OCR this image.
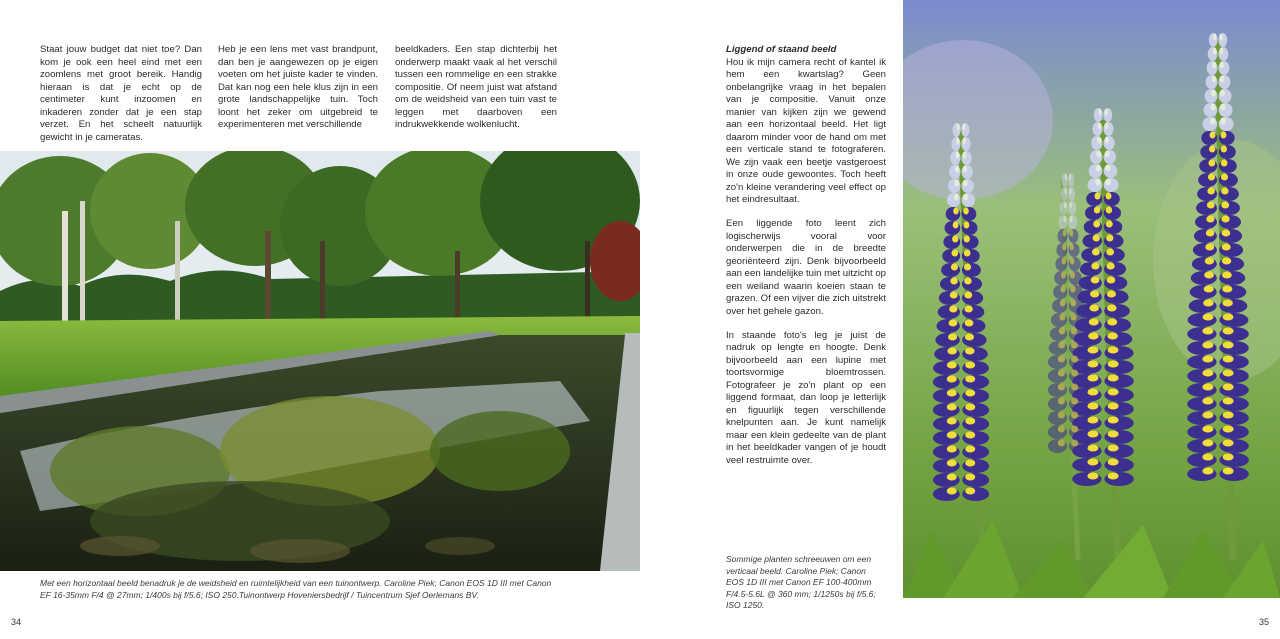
Staat jouw budget dat niet toe? Dan kom je ook een heel eind met een zoomlens met groot bereik. Handig hieraan is dat je echt op de centimeter kunt inzoomen en inkaderen zonder dat je een stap verzet. En het scheelt natuurlijk gewicht in je cameratas.
Heb je een lens met vast brandpunt, dan ben je aangewezen op je eigen voeten om het juiste kader te vinden. Dat kan nog een hele klus zijn in een grote landschappelijke tuin. Toch loont het zeker om uitgebreid te experimenteren met verschillende
beeldkaders. Een stap dichterbij het onderwerp maakt vaak al het verschil tussen een rommelige en een strakke compositie. Of neem juist wat afstand om de weidsheid van een tuin vast te leggen met daarboven een indrukwekkende wolkenlucht.
Met een horizontaal beeld benadruk je de weidsheid en ruimtelijkheid van een tuinontwerp. Caroline Piek; Canon EOS 1D III met Canon EF 16-35mm F/4 @ 27mm; 1/400s bij f/5.6; ISO 250.Tuinontwerp Hoveniersbedrijf / Tuincentrum Sjef Oerlemans BV.
34
Liggend of staand beeld

Hou ik mijn camera recht of kantel ik hem een kwartslag? Geen onbelangrijke vraag in het bepalen van je compositie. Vanuit onze manier van kijken zijn we gewend aan een horizontaal beeld. Het ligt daarom minder voor de hand om met een verticale stand te fotograferen. We zijn vaak een beetje vastgeroest in onze oude gewoontes. Toch heeft zo'n kleine verandering veel effect op het eindresultaat.

Een liggende foto leent zich logischerwijs vooral voor onderwerpen die in de breedte georiënteerd zijn. Denk bijvoorbeeld aan een landelijke tuin met uitzicht op een weiland waarin koeien staan te grazen. Of een vijver die zich uitstrekt over het gehele gazon.

In staande foto's leg je juist de nadruk op lengte en hoogte. Denk bijvoorbeeld aan een lupine met toortsvormige bloemtrossen. Fotografeer je zo'n plant op een liggend formaat, dan loop je letterlijk en figuurlijk tegen verschillende knelpunten aan. Je kunt namelijk maar een klein gedeelte van de plant in het beeldkader vangen of je houdt veel restruimte over.

Sommige planten schreeuwen om een verticaal beeld. Caroline Piek; Canon EOS 1D III met Canon EF 100-400mm F/4.5-5.6L @ 360 mm; 1/1250s bij f/5.6; ISO 1250.
35
